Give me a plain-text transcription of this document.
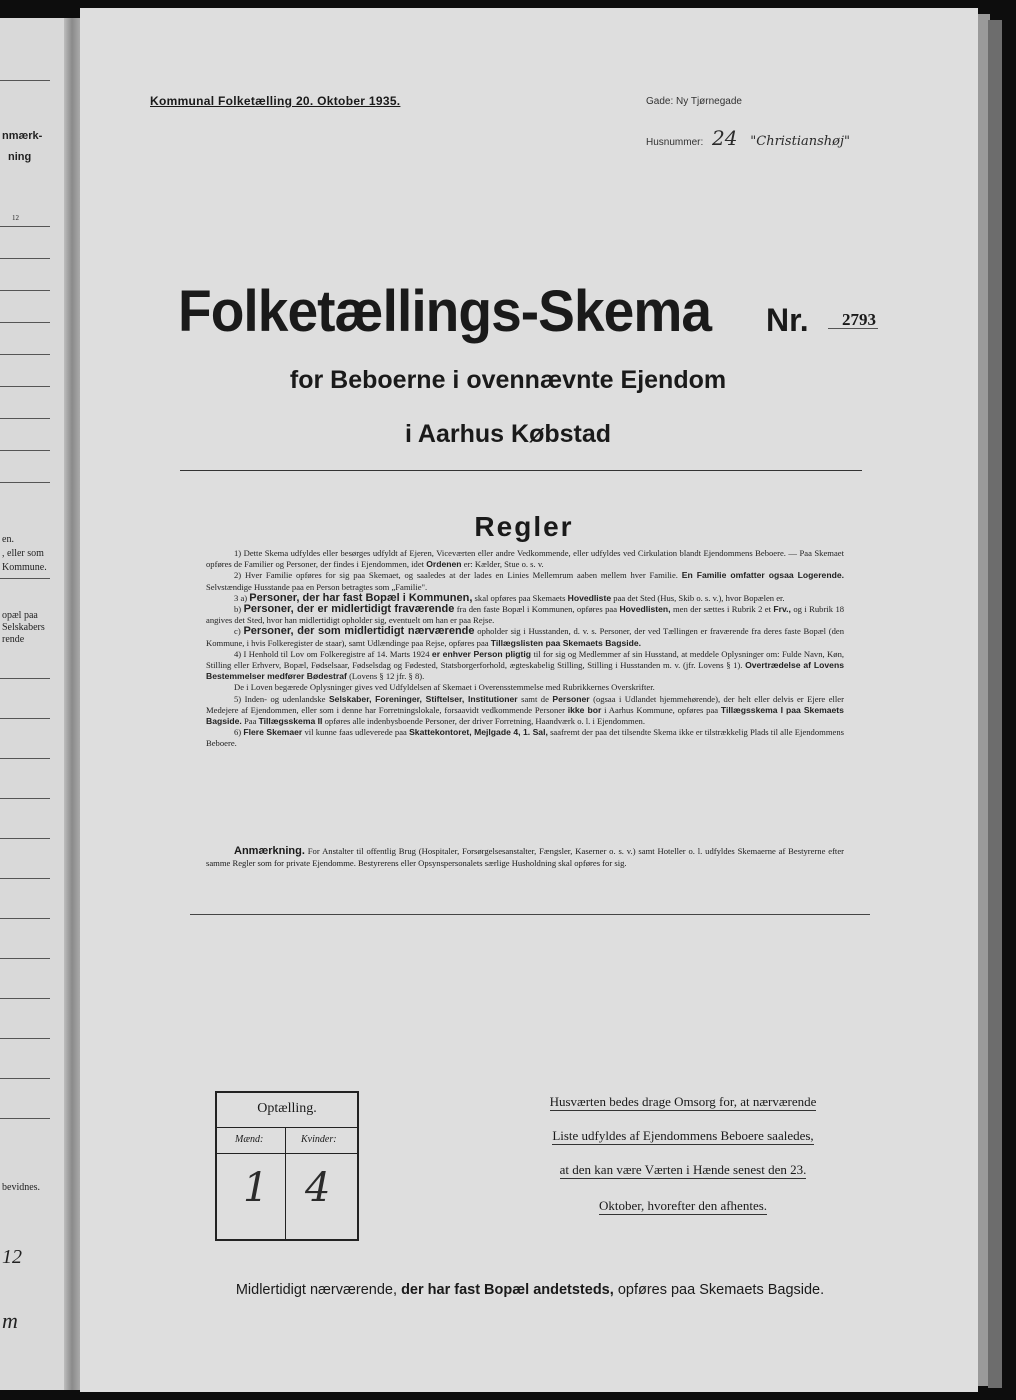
nmærk-
ning
12
en.
, eller som
Kommune.
opæl paa
Selskabers
rende
bevidnes.
12
m
Kommunal Folketælling 20. Oktober 1935.	Gade: Ny Tjørnegade
Husnummer: 24 "Christianshøj"
Folketællings-Skema Nr. 2793
for Beboerne i ovennævnte Ejendom
i Aarhus Købstad
Regler

1) Dette Skema udfyldes eller besørges udfyldt af Ejeren, Viceværten eller andre Vedkommende, eller udfyldes ved Cirkulation blandt Ejendommens Beboere. — Paa Skemaet opføres de Familier og Personer, der findes i Ejendommen, idet Ordenen er: Kælder, Stue o. s. v.

2) Hver Familie opføres for sig paa Skemaet, og saaledes at der lades en Linies Mellemrum aaben mellem hver Familie. En Familie omfatter ogsaa Logerende. Selvstændige Husstande paa en Person betragtes som „Familie".

3 a) Personer, der har fast Bopæl i Kommunen, skal opføres paa Skemaets Hovedliste paa det Sted (Hus, Skib o. s. v.), hvor Bopælen er.

b) Personer, der er midlertidigt fraværende fra den faste Bopæl i Kommunen, opføres paa Hovedlisten, men der sættes i Rubrik 2 et Frv., og i Rubrik 18 angives det Sted, hvor han midlertidigt opholder sig, eventuelt om han er paa Rejse.

c) Personer, der som midlertidigt nærværende opholder sig i Husstanden, d. v. s. Personer, der ved Tællingen er fraværende fra deres faste Bopæl (den Kommune, i hvis Folkeregister de staar), samt Udlændinge paa Rejse, opføres paa Tillægslisten paa Skemaets Bagside.

4) I Henhold til Lov om Folkeregistre af 14. Marts 1924 er enhver Person pligtig til for sig og Medlemmer af sin Husstand, at meddele Oplysninger om: Fulde Navn, Køn, Stilling eller Erhverv, Bopæl, Fødselsaar, Fødselsdag og Fødested, Statsborgerforhold, ægteskabelig Stilling, Stilling i Husstanden m. v. (jfr. Lovens § 1). Overtrædelse af Lovens Bestemmelser medfører Bødestraf (Lovens § 12 jfr. § 8).

De i Loven begærede Oplysninger gives ved Udfyldelsen af Skemaet i Overensstemmelse med Rubrikkernes Overskrifter.

5) Inden- og udenlandske Selskaber, Foreninger, Stiftelser, Institutioner samt de Personer (ogsaa i Udlandet hjemmehørende), der helt eller delvis er Ejere eller Medejere af Ejendommen, eller som i denne har Forretningslokale, forsaavidt vedkommende Personer ikke bor i Aarhus Kommune, opføres paa Tillægsskema I paa Skemaets Bagside. Paa Tillægsskema II opføres alle indenbysboende Personer, der driver Forretning, Haandværk o. l. i Ejendommen.

6) Flere Skemaer vil kunne faas udleverede paa Skattekontoret, Mejlgade 4, 1. Sal, saafremt der paa det tilsendte Skema ikke er tilstrækkelig Plads til alle Ejendommens Beboere.

Anmærkning. For Anstalter til offentlig Brug (Hospitaler, Forsørgelsesanstalter, Fængsler, Kaserner o. s. v.) samt Hoteller o. l. udfyldes Skemaerne af Bestyrerne efter samme Regler som for private Ejendomme. Bestyrerens eller Opsynspersonalets særlige Husholdning skal opføres for sig.

Optælling.
Mænd:	Kvinder:
1 4
Husværten bedes drage Omsorg for, at nærværende
Liste udfyldes af Ejendommens Beboere saaledes,
at den kan være Værten i Hænde senest den 23.
Oktober, hvorefter den afhentes.
Midlertidigt nærværende, der har fast Bopæl andetsteds, opføres paa Skemaets Bagside.
